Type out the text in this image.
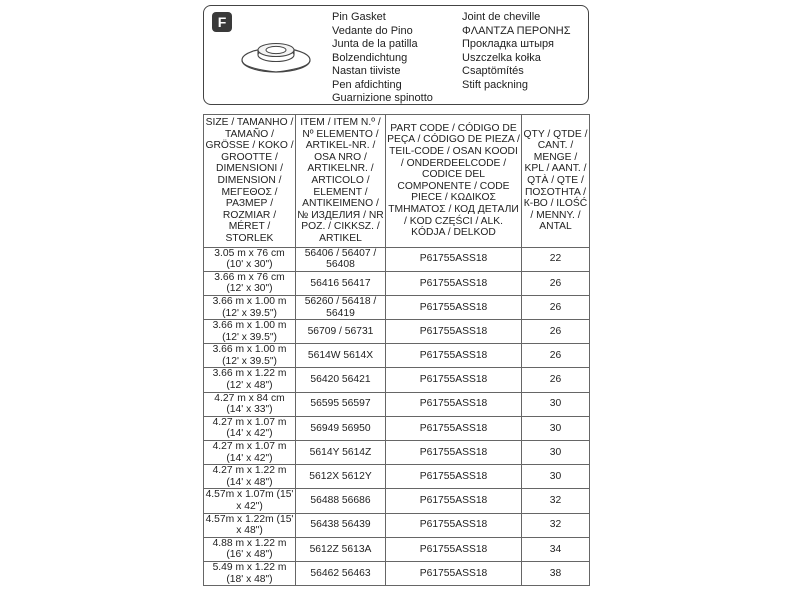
F	Pin Gasket
Vedante do Pino
Junta de la patilla
Bolzendichtung
Nastan tiiviste
Pen afdichting
Guarnizione spinotto
Joint de cheville
ΦΛΑΝΤΖΑ ΠΕΡΟΝΗΣ
Прокладка штыря
Uszczelka kołka
Csaptömítés
Stift packning
SIZE / TAMANHO / TAMAÑO / GRÖSSE / KOKO / GROOTTE / DIMENSIONI / DIMENSION / ΜΕΓΕΘΟΣ / РАЗМЕР / ROZMIAR / MÉRET / STORLEK	ITEM / ITEM N.º / Nº ELEMENTO / ARTIKEL-NR. / OSA NRO / ARTIKELNR. / ARTICOLO / ELEMENT / ANTIKEIMENO / № ИЗДЕЛИЯ / NR POZ. / CIKKSZ. / ARTIKEL	PART CODE / CÓDIGO DE PEÇA / CÓDIGO DE PIEZA / TEIL-CODE / OSAN KOODI / ONDERDEELCODE / CODICE DEL COMPONENTE / CODE PIECE / ΚΩΔΙΚΟΣ ΤΜΗΜΑΤΟΣ / КОД ДЕТАЛИ / KOD CZĘŚCI / ALK. KÓDJA / DELKOD	QTY / QTDE / CANT. / MENGE / KPL / AANT. / QTÀ / QTE / ΠΟΣΟΤΗΤΑ / К-ВО / ILOŚĆ / MENNY. / ANTAL
3.05 m x 76 cm (10' x 30")	56406 / 56407 / 56408	P61755ASS18	22
3.66 m x 76 cm (12' x 30")	56416 56417	P61755ASS18	26
3.66 m x 1.00 m (12' x 39.5")	56260 / 56418 / 56419	P61755ASS18	26
3.66 m x 1.00 m (12' x 39.5")	56709 / 56731	P61755ASS18	26
3.66 m x 1.00 m (12' x 39.5")	5614W 5614X	P61755ASS18	26
3.66 m x 1.22 m (12' x 48")	56420 56421	P61755ASS18	26
4.27 m x 84 cm (14' x 33")	56595 56597	P61755ASS18	30
4.27 m x 1.07 m (14' x 42")	56949 56950	P61755ASS18	30
4.27 m x 1.07 m (14' x 42")	5614Y 5614Z	P61755ASS18	30
4.27 m x 1.22 m (14' x 48")	5612X 5612Y	P61755ASS18	30
4.57m x 1.07m (15' x 42")	56488 56686	P61755ASS18	32
4.57m x 1.22m (15' x 48")	56438 56439	P61755ASS18	32
4.88 m x 1.22 m (16' x 48")	5612Z 5613A	P61755ASS18	34
5.49 m x 1.22 m (18' x 48")	56462 56463	P61755ASS18	38
